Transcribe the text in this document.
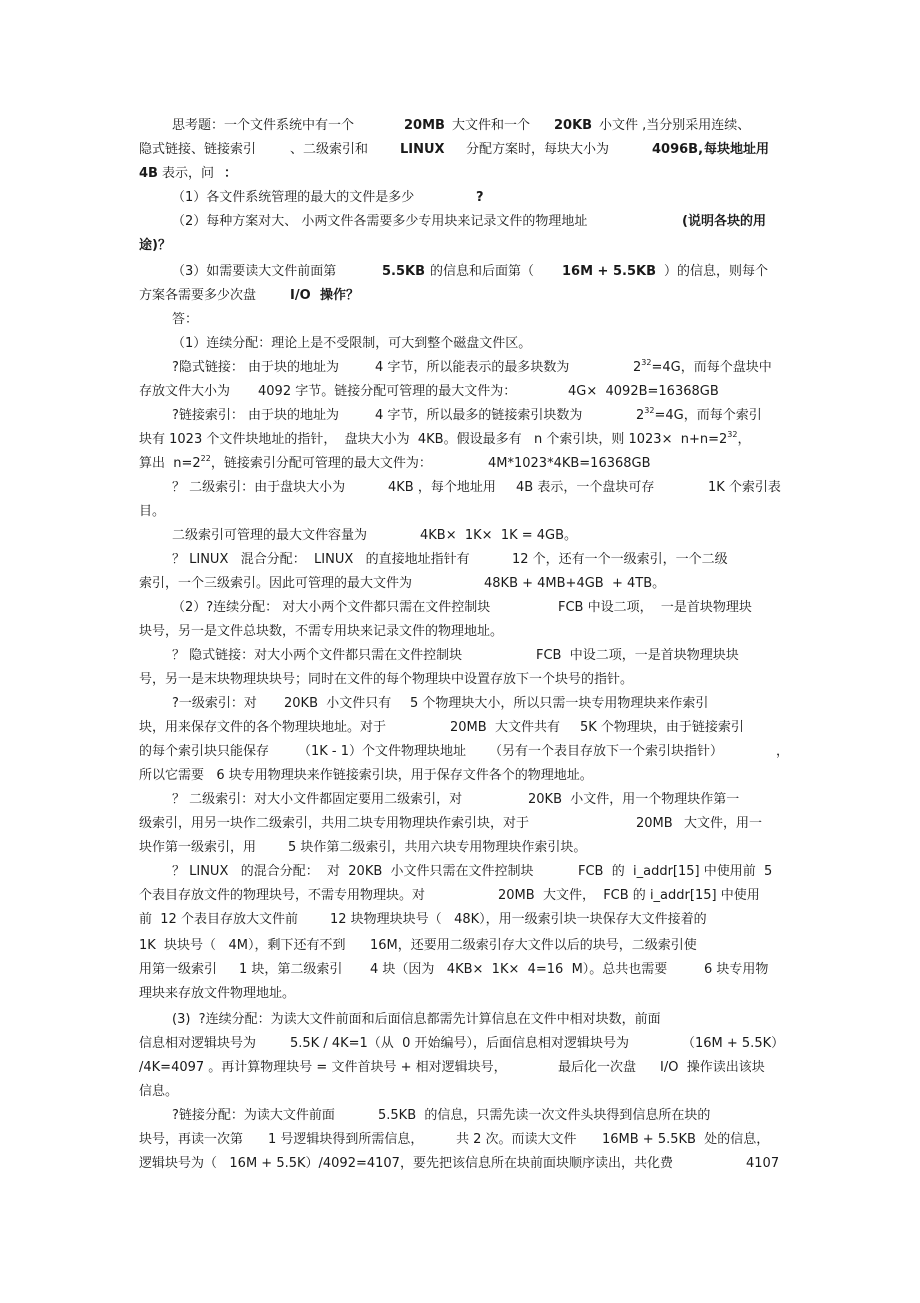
思考题：一个文件系统中有一个	20MB 大文件和一个 20KB 小文件 ,当分别采用连续、
隐式链接、链接索引	、二级索引和 LINUX 分配方案时，每块大小为	4096B, 每块地址用
4B 表示，问 ：
（1）各文件系统管理的最大的文件是多少	?
（2）每种方案对大、 小两文件各需要多少专用块来记录文件的物理地址	(说明各块的用
途)？
（3）如需要读大文件前面第	5.5KB 的信息和后面第（ 16M + 5.5KB ）的信息，则每个
方案各需要多少次盘	I/O 操作？
答：
（1）连续分配：理论上是不受限制，可大到整个磁盘文件区。
?隐式链接： 由于块的地址为	4 字节，所以能表示的最多块数为	$2^{32}=4G$，而每个盘块中
存放文件大小为 4092 字节。链接分配可管理的最大文件为：	4G×  4092B=16368GB
?链接索引： 由于块的地址为	4 字节，所以最多的链接索引块数为	$2^{32}=4G$，而每个索引
块有 1023 个文件块地址的指针，  盘块大小为  4KB。假设最多有   n 个索引块，则 $1023\times n+n=2^{32}$，
算出  $n=2^{22}$，链接索引分配可管理的最大文件为：	4M*1023*4KB=16368GB
？ 二级索引：由于盘块大小为	4KB ，每个地址用 4B 表示，一个盘块可存	1K 个索引表
目。
二级索引可管理的最大文件容量为	4KB×  1K×  1K = 4GB。
？ LINUX   混合分配：  LINUX   的直接地址指针有	12 个，还有一个一级索引，一个二级
索引，一个三级索引。因此可管理的最大文件为	48KB + 4MB+4GB  + 4TB。
（2）?连续分配： 对大小两个文件都只需在文件控制块	FCB 中设二项，  一是首块物理块
块号，另一是文件总块数，不需专用块来记录文件的物理地址。
？ 隐式链接：对大小两个文件都只需在文件控制块	FCB  中设二项，一是首块物理块块
号，另一是末块物理块块号；同时在文件的每个物理块中设置存放下一个块号的指针。
?一级索引：对 20KB  小文件只有 5 个物理块大小，所以只需一块专用物理块来作索引
块，用来保存文件的各个物理块地址。对于	20MB  大文件共有 5K 个物理块，由于链接索引
的每个索引块只能保存 （1K - 1）个文件物理块地址 （另有一个表目存放下一个索引块指针）	，
所以它需要   6 块专用物理块来作链接索引块，用于保存文件各个的物理地址。
？ 二级索引：对大小文件都固定要用二级索引，对	20KB  小文件，用一个物理块作第一
级索引，用另一块作二级索引，共用二块专用物理块作索引块，对于	20MB 大文件，用一
块作第一级索引，用 5 块作第二级索引，共用六块专用物理块作索引块。
？ LINUX   的混合分配：  对  20KB  小文件只需在文件控制块	FCB  的  i_addr[15] 中使用前  5
个表目存放文件的物理块号，不需专用物理块。对	20MB  大文件，  FCB 的 i_addr[15] 中使用
前  12 个表目存放大文件前 12 块物理块块号（   48K），用一级索引块一块保存大文件接着的
1K  块块号（   4M），剩下还有不到 16M，还要用二级索引存大文件以后的块号，二级索引使
用第一级索引 1 块，第二级索引 4 块（因为   4KB×  1K×  4=16  M）。总共也需要	6 块专用物
理块来存放文件物理地址。
(3)  ?连续分配：为读大文件前面和后面信息都需先计算信息在文件中相对块数，前面
信息相对逻辑块号为	5.5K / 4K=1（从  0 开始编号），后面信息相对逻辑块号为	（16M + 5.5K）
/4K=4097 。再计算物理块号 = 文件首块号 + 相对逻辑块号，	最后化一次盘 I/O  操作读出该块
信息。
?链接分配：为读大文件前面	5.5KB  的信息，只需先读一次文件头块得到信息所在块的
块号，再读一次第 1 号逻辑块得到所需信息，	共 2 次。而读大文件 16MB + 5.5KB  处的信息，
逻辑块号为（   16M + 5.5K）/4092=4107，要先把该信息所在块前面块顺序读出，共化费	4107
